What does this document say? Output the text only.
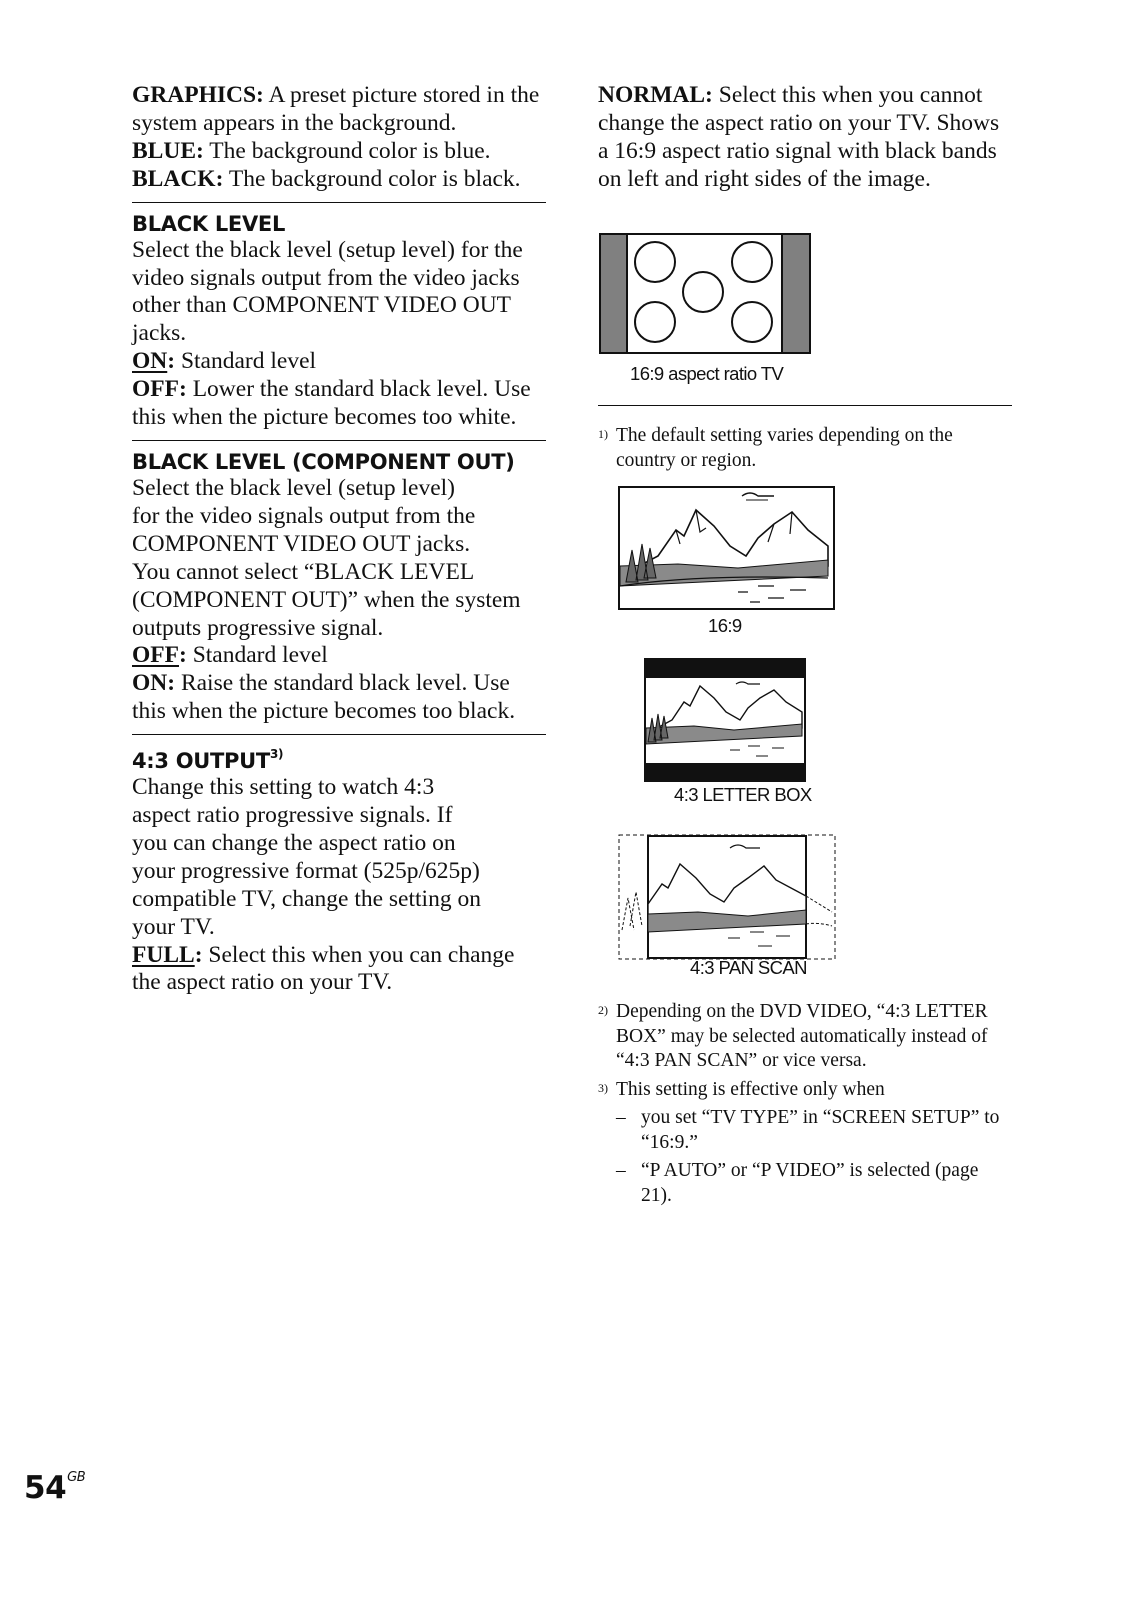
GRAPHICS: A preset picture stored in the system appears in the background.
BLUE: The background color is blue.
BLACK: The background color is black.

BLACK LEVEL

Select the black level (setup level) for the video signals output from the video jacks other than COMPONENT VIDEO OUT jacks.
ON: Standard level
OFF: Lower the standard black level. Use this when the picture becomes too white.

BLACK LEVEL (COMPONENT OUT)

Select the black level (setup level)
for the video signals output from the
COMPONENT VIDEO OUT jacks.
You cannot select “BLACK LEVEL (COMPONENT OUT)” when the system outputs progressive signal.
OFF: Standard level
ON: Raise the standard black level. Use this when the picture becomes too black.

4:3 OUTPUT$^{3)}$

Change this setting to watch 4:3
aspect ratio progressive signals. If
you can change the aspect ratio on
your progressive format (525p/625p)
compatible TV, change the setting on
your TV.
FULL: Select this when you can change the aspect ratio on your TV.

NORMAL: Select this when you cannot change the aspect ratio on your TV. Shows a 16:9 aspect ratio signal with black bands on left and right sides of the image.

16:9 aspect ratio TV

1) The default setting varies depending on the country or region.

16:9
4:3 LETTER BOX
4:3 PAN SCAN

2) Depending on the DVD VIDEO, “4:3 LETTER BOX” may be selected automatically instead of “4:3 PAN SCAN” or vice versa.

3) This setting is effective only when

– you set “TV TYPE” in “SCREEN SETUP” to “16:9.”

– “P AUTO” or “P VIDEO” is selected (page 21).

$54^{GB}$
